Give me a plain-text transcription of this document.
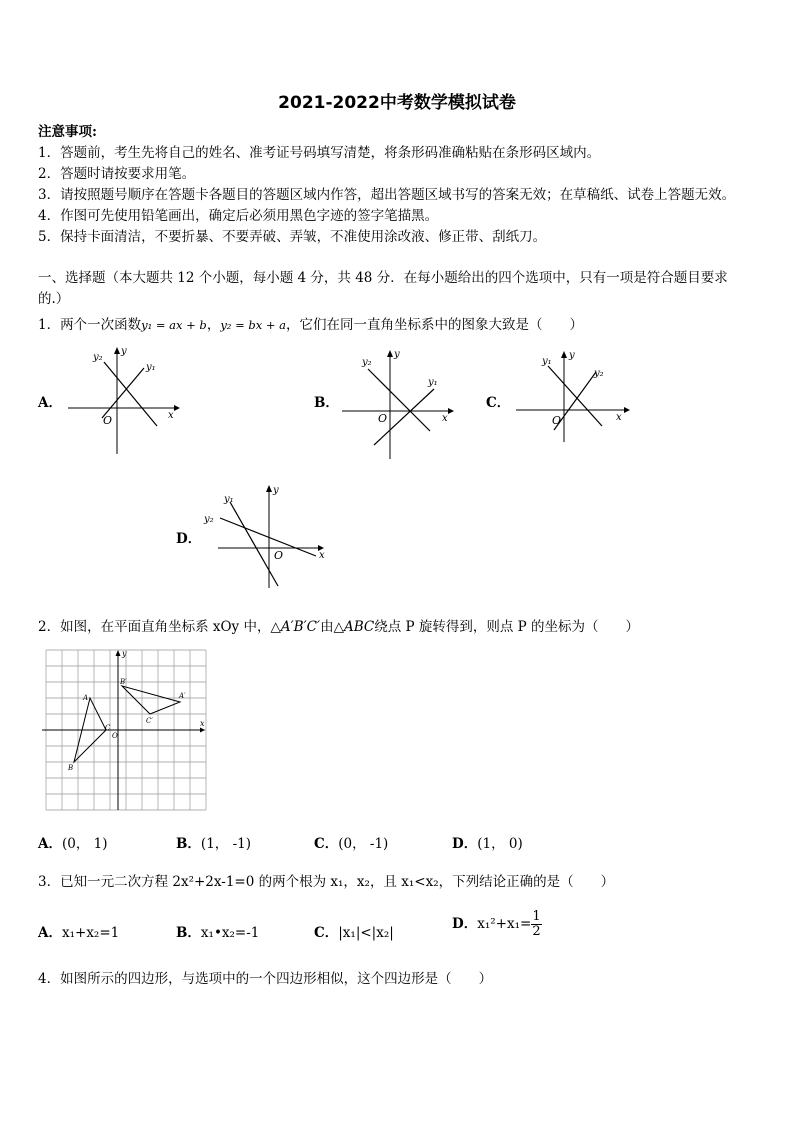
2021-2022中考数学模拟试卷
注意事项:
1．答题前，考生先将自己的姓名、准考证号码填写清楚，将条形码准确粘贴在条形码区域内。
2．答题时请按要求用笔。
3．请按照题号顺序在答题卡各题目的答题区域内作答，超出答题区域书写的答案无效；在草稿纸、试卷上答题无效。
4．作图可先使用铅笔画出，确定后必须用黑色字迹的签字笔描黑。
5．保持卡面清洁，不要折暴、不要弄破、弄皱，不准使用涂改液、修正带、刮纸刀。
一、选择题（本大题共 12 个小题，每小题 4 分，共 48 分．在每小题给出的四个选项中，只有一项是符合题目要求
的.）
1．两个一次函数y₁ = ax + b，y₂ = bx + a，它们在同一直角坐标系中的图象大致是（　　）
A．
y₂
y
y₁
x
O
B．
y₂
y
y₁
x
O
C．
y₁
y
y₂
x
O
D．
y₁
y
y₂
x
O
2．如图，在平面直角坐标系 xOy 中，△A′B′C′由△ABC绕点 P 旋转得到，则点 P 的坐标为（　　）
y
x
O
A
B
C
A′
B′
C′
A．(0， 1)	B．(1， -1)	C．(0， -1)	D．(1， 0)
3．已知一元二次方程 2x²+2x-1=0 的两个根为 x₁，x₂，且 x₁<x₂，下列结论正确的是（　　）
A．x₁+x₂=1	B．x₁•x₂=-1	C．|x₁|<|x₂|
D．$x_1^2+x_1= \frac{1}{2}$
4．如图所示的四边形，与选项中的一个四边形相似，这个四边形是（　　）
